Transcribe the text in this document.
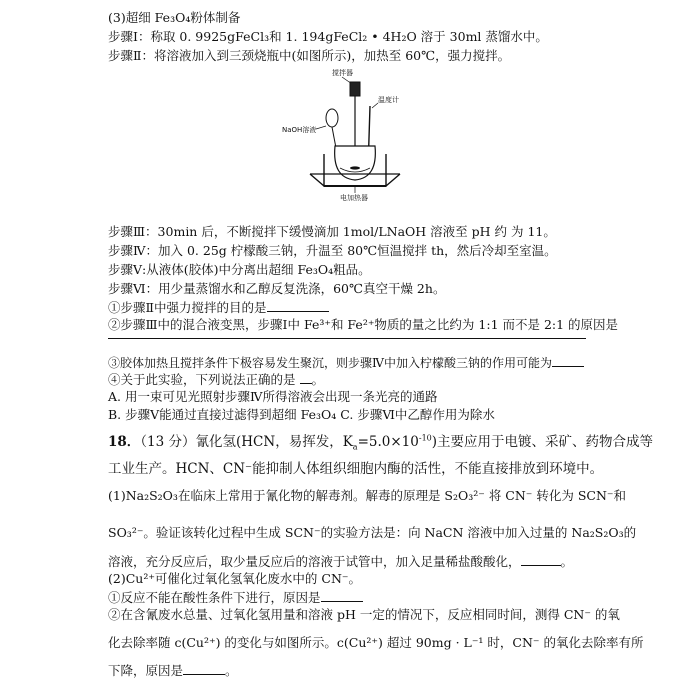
(3)超细 Fe₃O₄粉体制备
步骤Ⅰ：称取 0. 9925gFeCl₃和 1. 194gFeCl₂ • 4H₂O 溶于 30ml 蒸馏水中。
步骤Ⅱ：将溶液加入到三颈烧瓶中(如图所示)，加热至 60℃，强力搅拌。
搅拌器
温度计
NaOH溶液
电加热器
步骤Ⅲ：30min 后，不断搅拌下缓慢滴加 1mol/LNaOH 溶液至 pH 约 为 11。
步骤Ⅳ：加入 0. 25g 柠檬酸三钠，升温至 80℃恒温搅拌 th，然后冷却至室温。
步骤Ⅴ:从液体(胶体)中分离出超细 Fe₃O₄粗品。
步骤Ⅵ：用少量蒸馏水和乙醇反复洗涤，60℃真空干燥 2h。
①步骤Ⅱ中强力搅拌的目的是
②步骤Ⅲ中的混合液变黑，步骤Ⅰ中 Fe³⁺和 Fe²⁺物质的量之比约为 1:1 而不是 2:1 的原因是
③胶体加热且搅拌条件下极容易发生聚沉，则步骤Ⅳ中加入柠檬酸三钠的作用可能为
④关于此实验，下列说法正确的是 。
A. 用一束可见光照射步骤Ⅳ所得溶液会出现一条光亮的通路
B. 步骤Ⅴ能通过直接过滤得到超细 Fe₃O₄ C. 步骤Ⅵ中乙醇作用为除水
18．（13 分）氰化氢(HCN，易挥发，$K_a=5.0\times 10^{-10}$)主要应用于电镀、采矿、药物合成等
工业生产。HCN、CN⁻能抑制人体组织细胞内酶的活性，不能直接排放到环境中。
(1)Na₂S₂O₃在临床上常用于氰化物的解毒剂。解毒的原理是 S₂O₃²⁻ 将 CN⁻ 转化为 SCN⁻和
SO₃²⁻。验证该转化过程中生成 SCN⁻的实验方法是：向 NaCN 溶液中加入过量的 Na₂S₂O₃的
溶液，充分反应后，取少量反应后的溶液于试管中，加入足量稀盐酸酸化，	。
(2)Cu²⁺可催化过氧化氢氧化废水中的 CN⁻。
①反应不能在酸性条件下进行，原因是
②在含氰废水总量、过氧化氢用量和溶液 pH 一定的情况下，反应相同时间，测得 CN⁻ 的氧
化去除率随 c(Cu²⁺) 的变化与如图所示。c(Cu²⁺) 超过 90mg · L⁻¹ 时，CN⁻ 的氧化去除率有所
下降，原因是	。
